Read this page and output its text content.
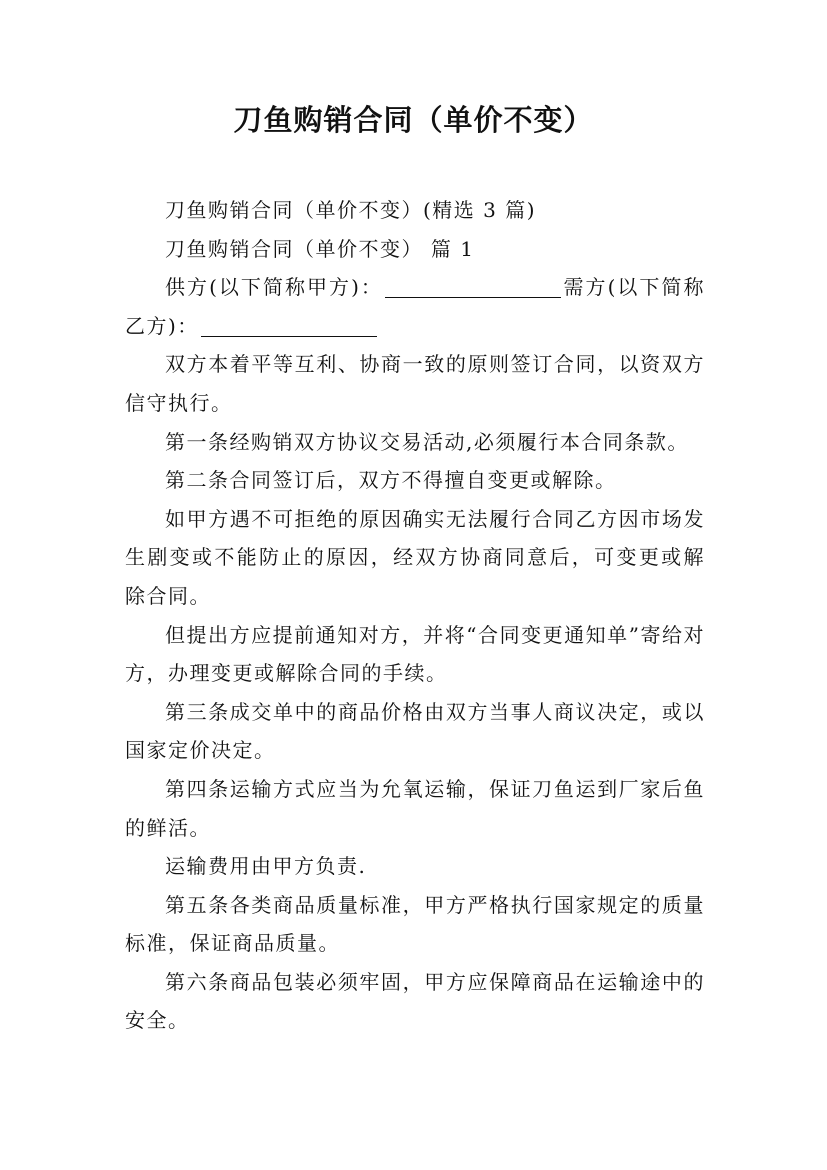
刀鱼购销合同（单价不变）

刀鱼购销合同（单价不变）(精选 3 篇)

刀鱼购销合同（单价不变） 篇 1

供方(以下简称甲方)：	需方(以下简称乙方)：

双方本着平等互利、协商一致的原则签订合同，以资双方信守执行。

第一条经购销双方协议交易活动,必须履行本合同条款。

第二条合同签订后，双方不得擅自变更或解除。

如甲方遇不可拒绝的原因确实无法履行合同乙方因市场发生剧变或不能防止的原因，经双方协商同意后，可变更或解除合同。

但提出方应提前通知对方，并将“合同变更通知单”寄给对方，办理变更或解除合同的手续。

第三条成交单中的商品价格由双方当事人商议决定，或以国家定价决定。

第四条运输方式应当为允氧运输，保证刀鱼运到厂家后鱼的鲜活。

运输费用由甲方负责.

第五条各类商品质量标准，甲方严格执行国家规定的质量标准，保证商品质量。

第六条商品包装必须牢固，甲方应保障商品在运输途中的安全。
